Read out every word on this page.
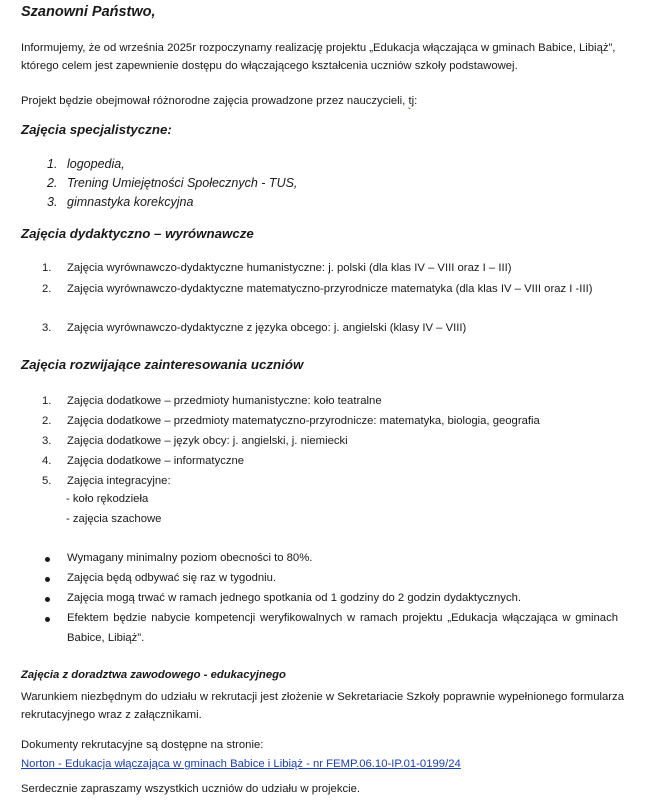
Szanowni Państwo,
Informujemy, że od września 2025r rozpoczynamy realizację projektu „Edukacja włączająca w gminach Babice, Libiąż”, którego celem jest zapewnienie dostępu do włączającego kształcenia uczniów szkoły podstawowej.
Projekt będzie obejmował różnorodne zajęcia prowadzone przez nauczycieli, tj:
Zajęcia specjalistyczne:
1. logopedia,
2. Trening Umiejętności Społecznych - TUS,
3. gimnastyka korekcyjna
Zajęcia dydaktyczno – wyrównawcze
1.	Zajęcia wyrównawczo-dydaktyczne humanistyczne: j. polski (dla klas IV – VIII oraz I – III)
2.	Zajęcia wyrównawczo-dydaktyczne matematyczno-przyrodnicze matematyka (dla klas IV – VIII oraz I -III)
3.	Zajęcia wyrównawczo-dydaktyczne z języka obcego: j. angielski (klasy IV – VIII)
Zajęcia rozwijające zainteresowania uczniów
1.	Zajęcia dodatkowe – przedmioty humanistyczne: koło teatralne
2.	Zajęcia dodatkowe – przedmioty matematyczno-przyrodnicze: matematyka, biologia, geografia
3.	Zajęcia dodatkowe – język obcy: j. angielski, j. niemiecki
4.	Zajęcia dodatkowe – informatyczne
5.	Zajęcia integracyjne:
- koło rękodzieła
- zajęcia szachowe
Wymagany minimalny poziom obecności to 80%.
Zajęcia będą odbywać się raz w tygodniu.
Zajęcia mogą trwać w ramach jednego spotkania od 1 godziny do 2 godzin dydaktycznych.
Efektem będzie nabycie kompetencji weryfikowalnych w ramach projektu „Edukacja włączająca w gminach Babice, Libiąż”.
Zajęcia z doradztwa zawodowego - edukacyjnego
Warunkiem niezbędnym do udziału w rekrutacji jest złożenie w Sekretariacie Szkoły poprawnie wypełnionego formularza rekrutacyjnego wraz z załącznikami.
Dokumenty rekrutacyjne są dostępne na stronie:
Norton - Edukacja włączająca w gminach Babice i Libiąż - nr FEMP.06.10-IP.01-0199/24
Serdecznie zapraszamy wszystkich uczniów do udziału w projekcie.
